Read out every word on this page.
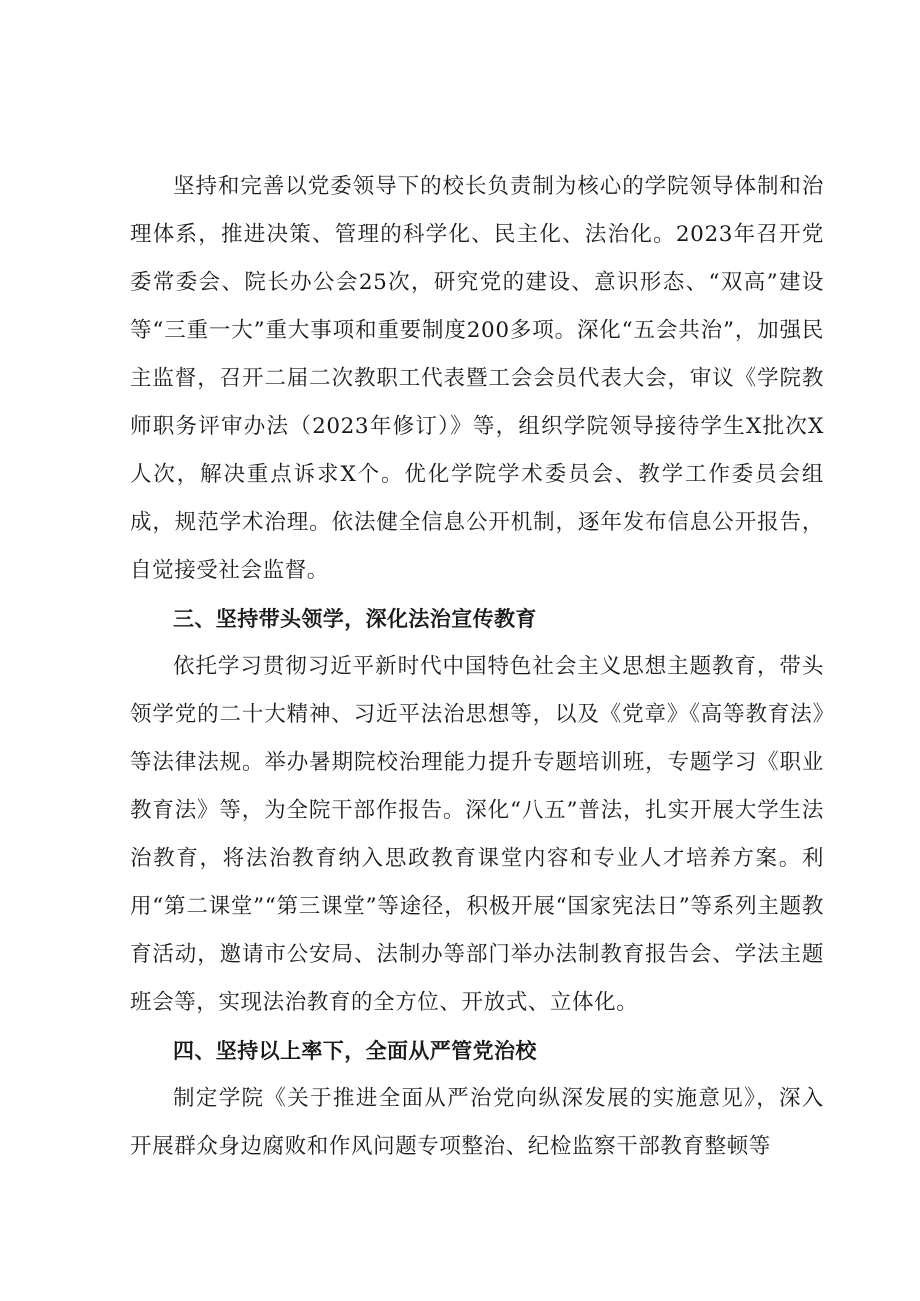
坚持和完善以党委领导下的校长负责制为核心的学院领导体制和治理体系，推进决策、管理的科学化、民主化、法治化。2023年召开党委常委会、院长办公会25次，研究党的建设、意识形态、“双高”建设等“三重一大”重大事项和重要制度200多项。深化“五会共治”，加强民主监督，召开二届二次教职工代表暨工会会员代表大会，审议《学院教师职务评审办法（2023年修订）》等，组织学院领导接待学生X批次X人次，解决重点诉求X个。优化学院学术委员会、教学工作委员会组成，规范学术治理。依法健全信息公开机制，逐年发布信息公开报告，自觉接受社会监督。

三、坚持带头领学，深化法治宣传教育

依托学习贯彻习近平新时代中国特色社会主义思想主题教育，带头领学党的二十大精神、习近平法治思想等，以及《党章》《高等教育法》等法律法规。举办暑期院校治理能力提升专题培训班，专题学习《职业教育法》等，为全院干部作报告。深化“八五”普法，扎实开展大学生法治教育，将法治教育纳入思政教育课堂内容和专业人才培养方案。利用“第二课堂”“第三课堂”等途径，积极开展“国家宪法日”等系列主题教育活动，邀请市公安局、法制办等部门举办法制教育报告会、学法主题班会等，实现法治教育的全方位、开放式、立体化。

四、坚持以上率下，全面从严管党治校

制定学院《关于推进全面从严治党向纵深发展的实施意见》，深入开展群众身边腐败和作风问题专项整治、纪检监察干部教育整顿等
